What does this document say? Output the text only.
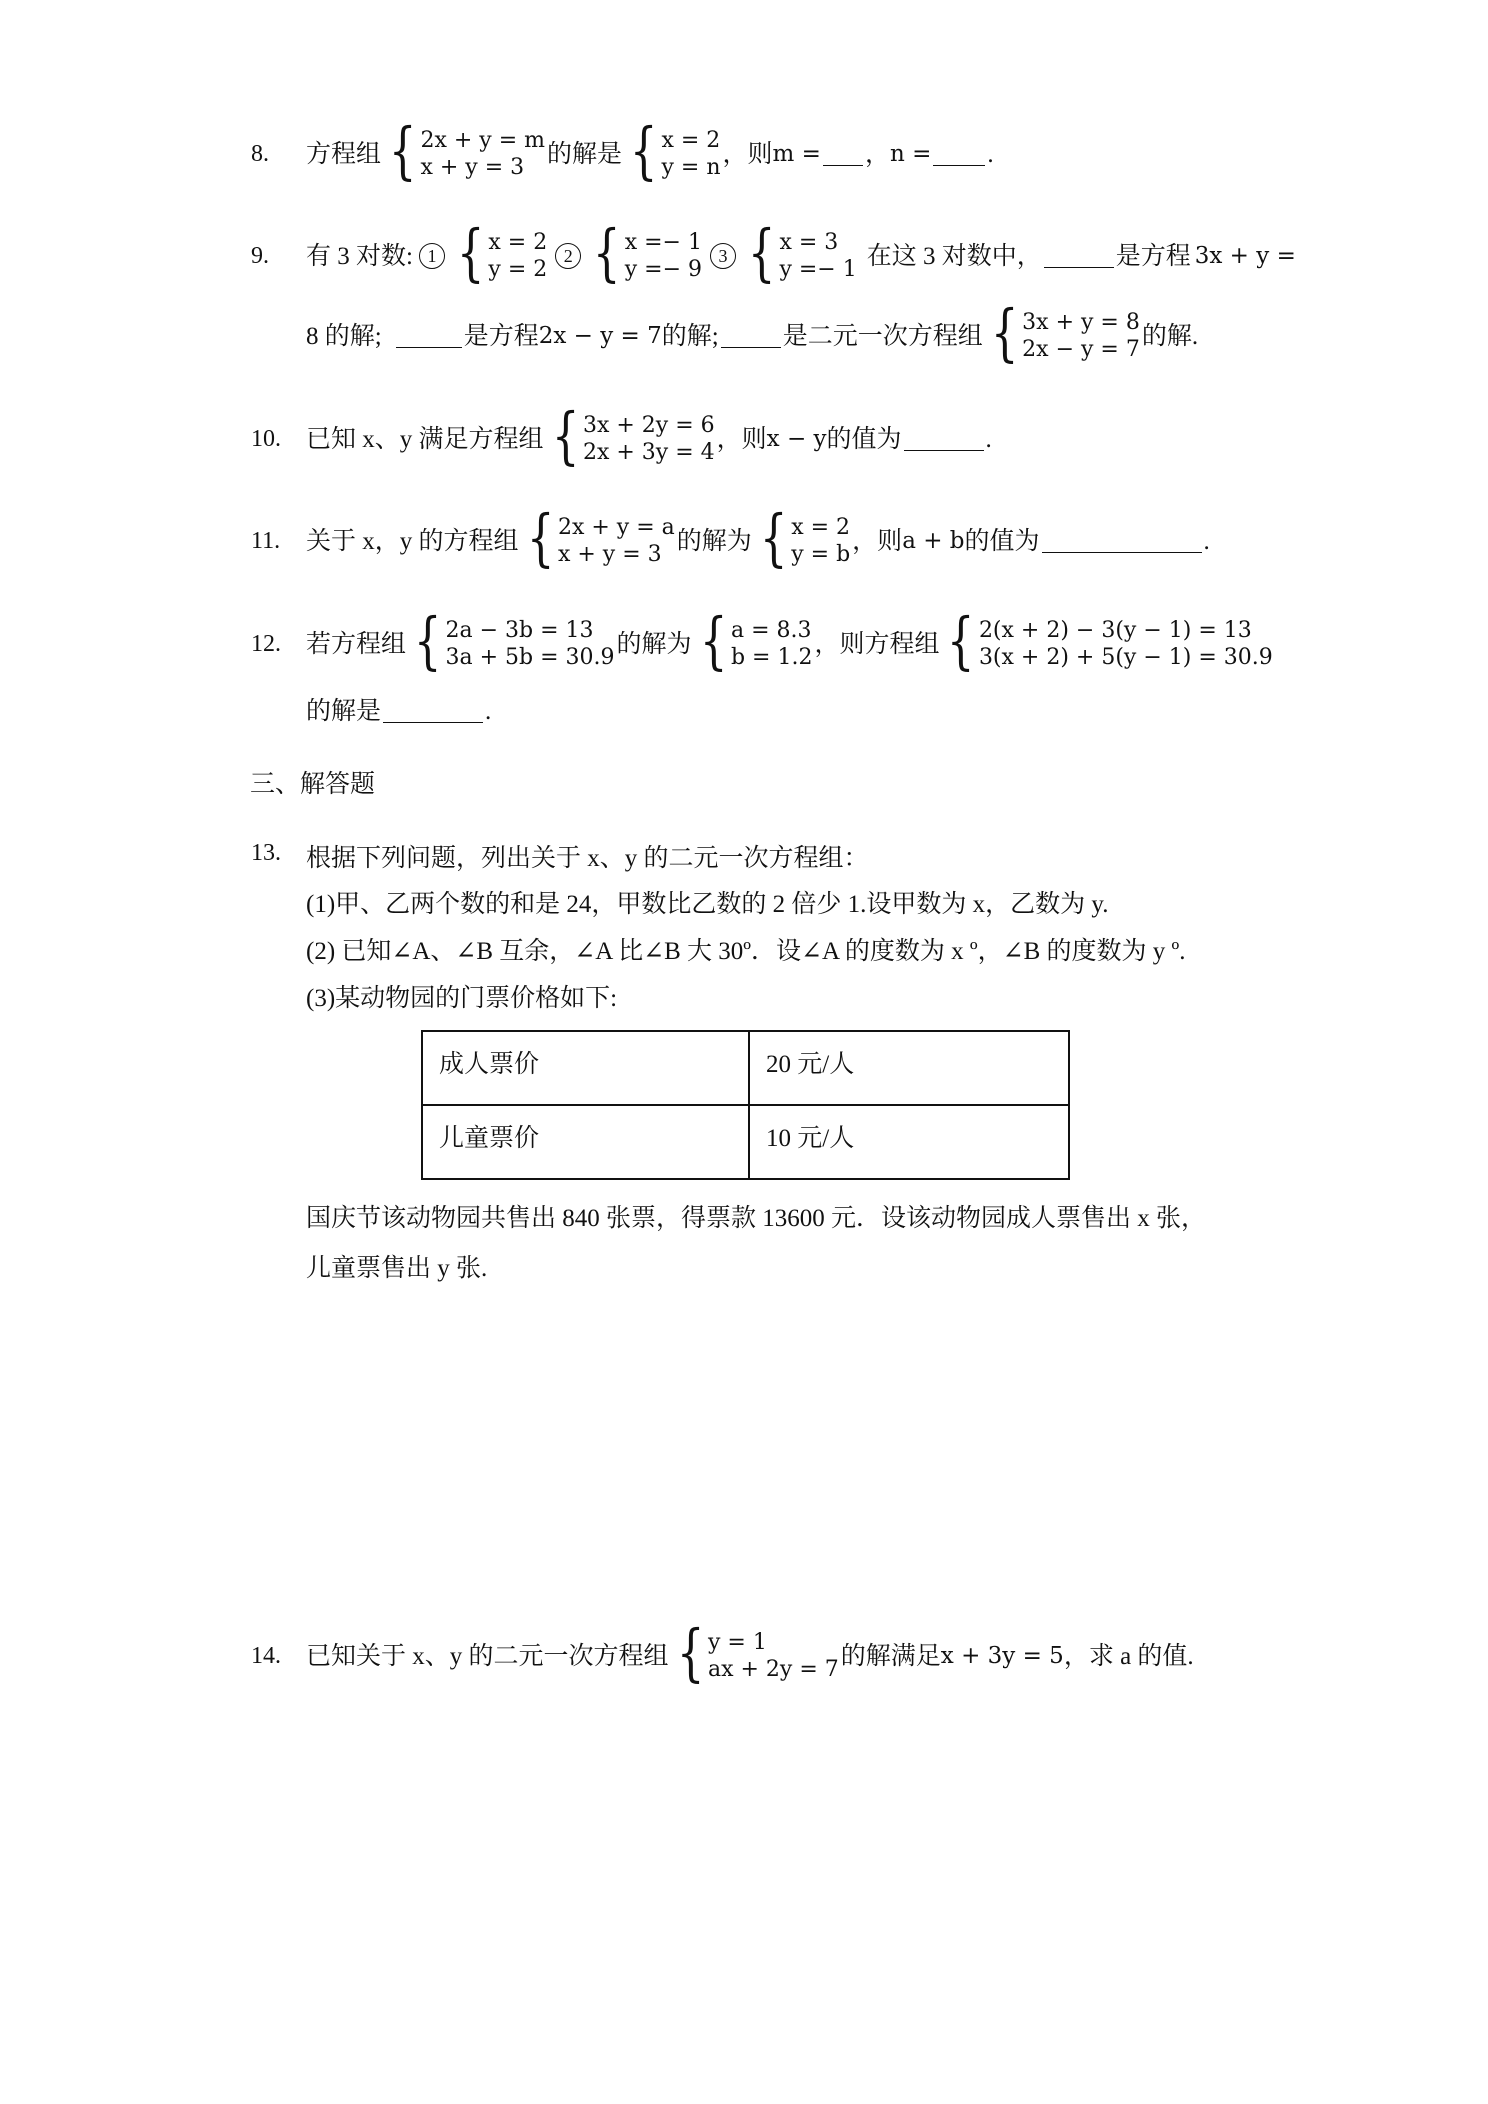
8. 方程组 { 2x + y = m
x + y = 3 的解是 { x = 2
y = n ，则 m = ， n = .
9. 有 3 对数: 1 { x = 2
y = 2
2 { x =− 1
y =− 9
3 { x = 3
y =− 1 在这 3 对数中，	是方程 3x + y =
8 的解;	是方程 2x − y = 7 的解;	是二元一次方程组 { 3x + y = 8
2x − y = 7 的解.
10. 已知 x、y 满足方程组 { 3x + 2y = 6
2x + 3y = 4 ，则 x − y 的值为	.
11. 关于 x，y 的方程组 { 2x + y = a
x + y = 3 的解为 { x = 2
y = b ，则 a + b 的值为	.
12. 若方程组 { 2a − 3b = 13
3a + 5b = 30.9 的解为 { a = 8.3
b = 1.2 ，则方程组 { 2(x + 2) − 3(y − 1) = 13
3(x + 2) + 5(y − 1) = 30.9
的解是	.
三、解答题
13. 根据下列问题，列出关于 x、y 的二元一次方程组：
(1)甲、乙两个数的和是 24，甲数比乙数的 2 倍少 1.设甲数为 x，乙数为 y.
(2) 已知∠A、∠B 互余，∠A 比∠B 大 30º．设∠A 的度数为 x º，∠B 的度数为 y º.
(3)某动物园的门票价格如下:
成人票价	20 元/人
儿童票价	10 元/人
国庆节该动物园共售出 840 张票，得票款 13600 元．设该动物园成人票售出 x 张，
儿童票售出 y 张.
14. 已知关于 x、y 的二元一次方程组 { y = 1
ax + 2y = 7 的解满足 x + 3y = 5 ，求 a 的值.
